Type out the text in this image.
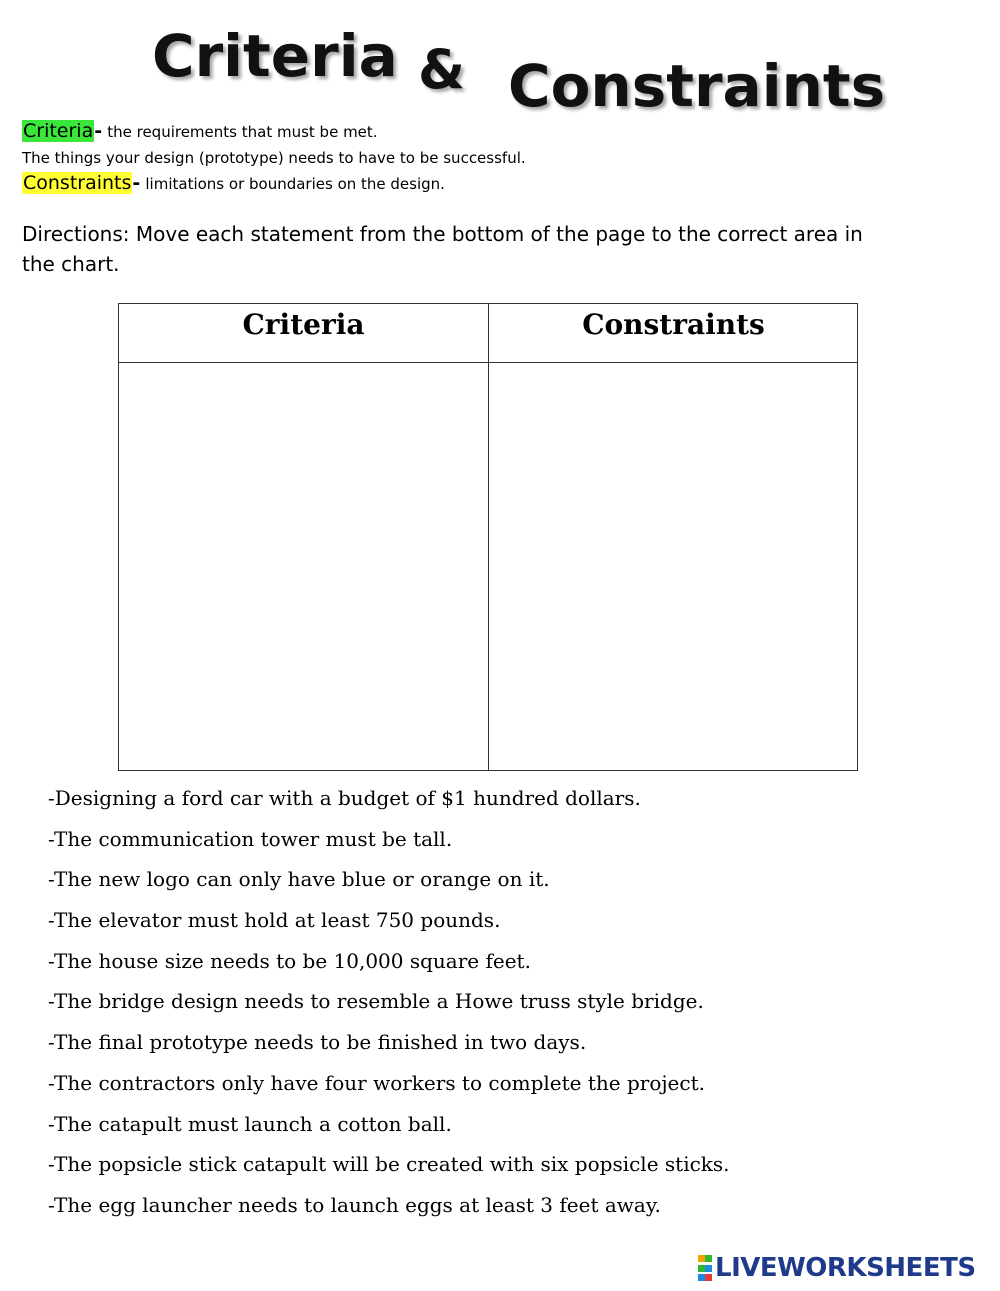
Criteria & Constraints
Criteria- the requirements that must be met.
The things your design (prototype) needs to have to be successful.
Constraints- limitations or boundaries on the design.
Directions: Move each statement from the bottom of the page to the correct area in the chart.
Criteria	Constraints
-Designing a ford car with a budget of $1 hundred dollars.
-The communication tower must be tall.
-The new logo can only have blue or orange on it.
-The elevator must hold at least 750 pounds.
-The house size needs to be 10,000 square feet.
-The bridge design needs to resemble a Howe truss style bridge.
-The final prototype needs to be finished in two days.
-The contractors only have four workers to complete the project.
-The catapult must launch a cotton ball.
-The popsicle stick catapult will be created with six popsicle sticks.
-The egg launcher needs to launch eggs at least 3 feet away.
LIVEWORKSHEETS
